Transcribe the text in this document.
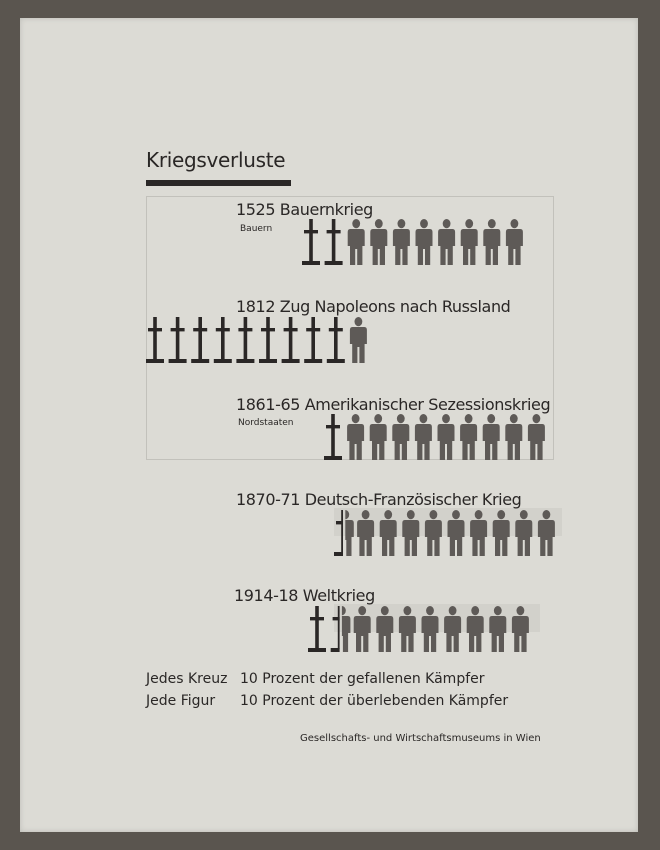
Kriegsverluste
1525 Bauernkrieg
Bauern
1812 Zug Napoleons nach Russland
1861-65 Amerikanischer Sezessionskrieg
Nordstaaten
1870-71 Deutsch-Französischer Krieg
1914-18 Weltkrieg
Jedes Kreuz 10 Prozent der gefallenen Kämpfer
Jede Figur 10 Prozent der überlebenden Kämpfer
Gesellschafts- und Wirtschaftsmuseums in Wien
